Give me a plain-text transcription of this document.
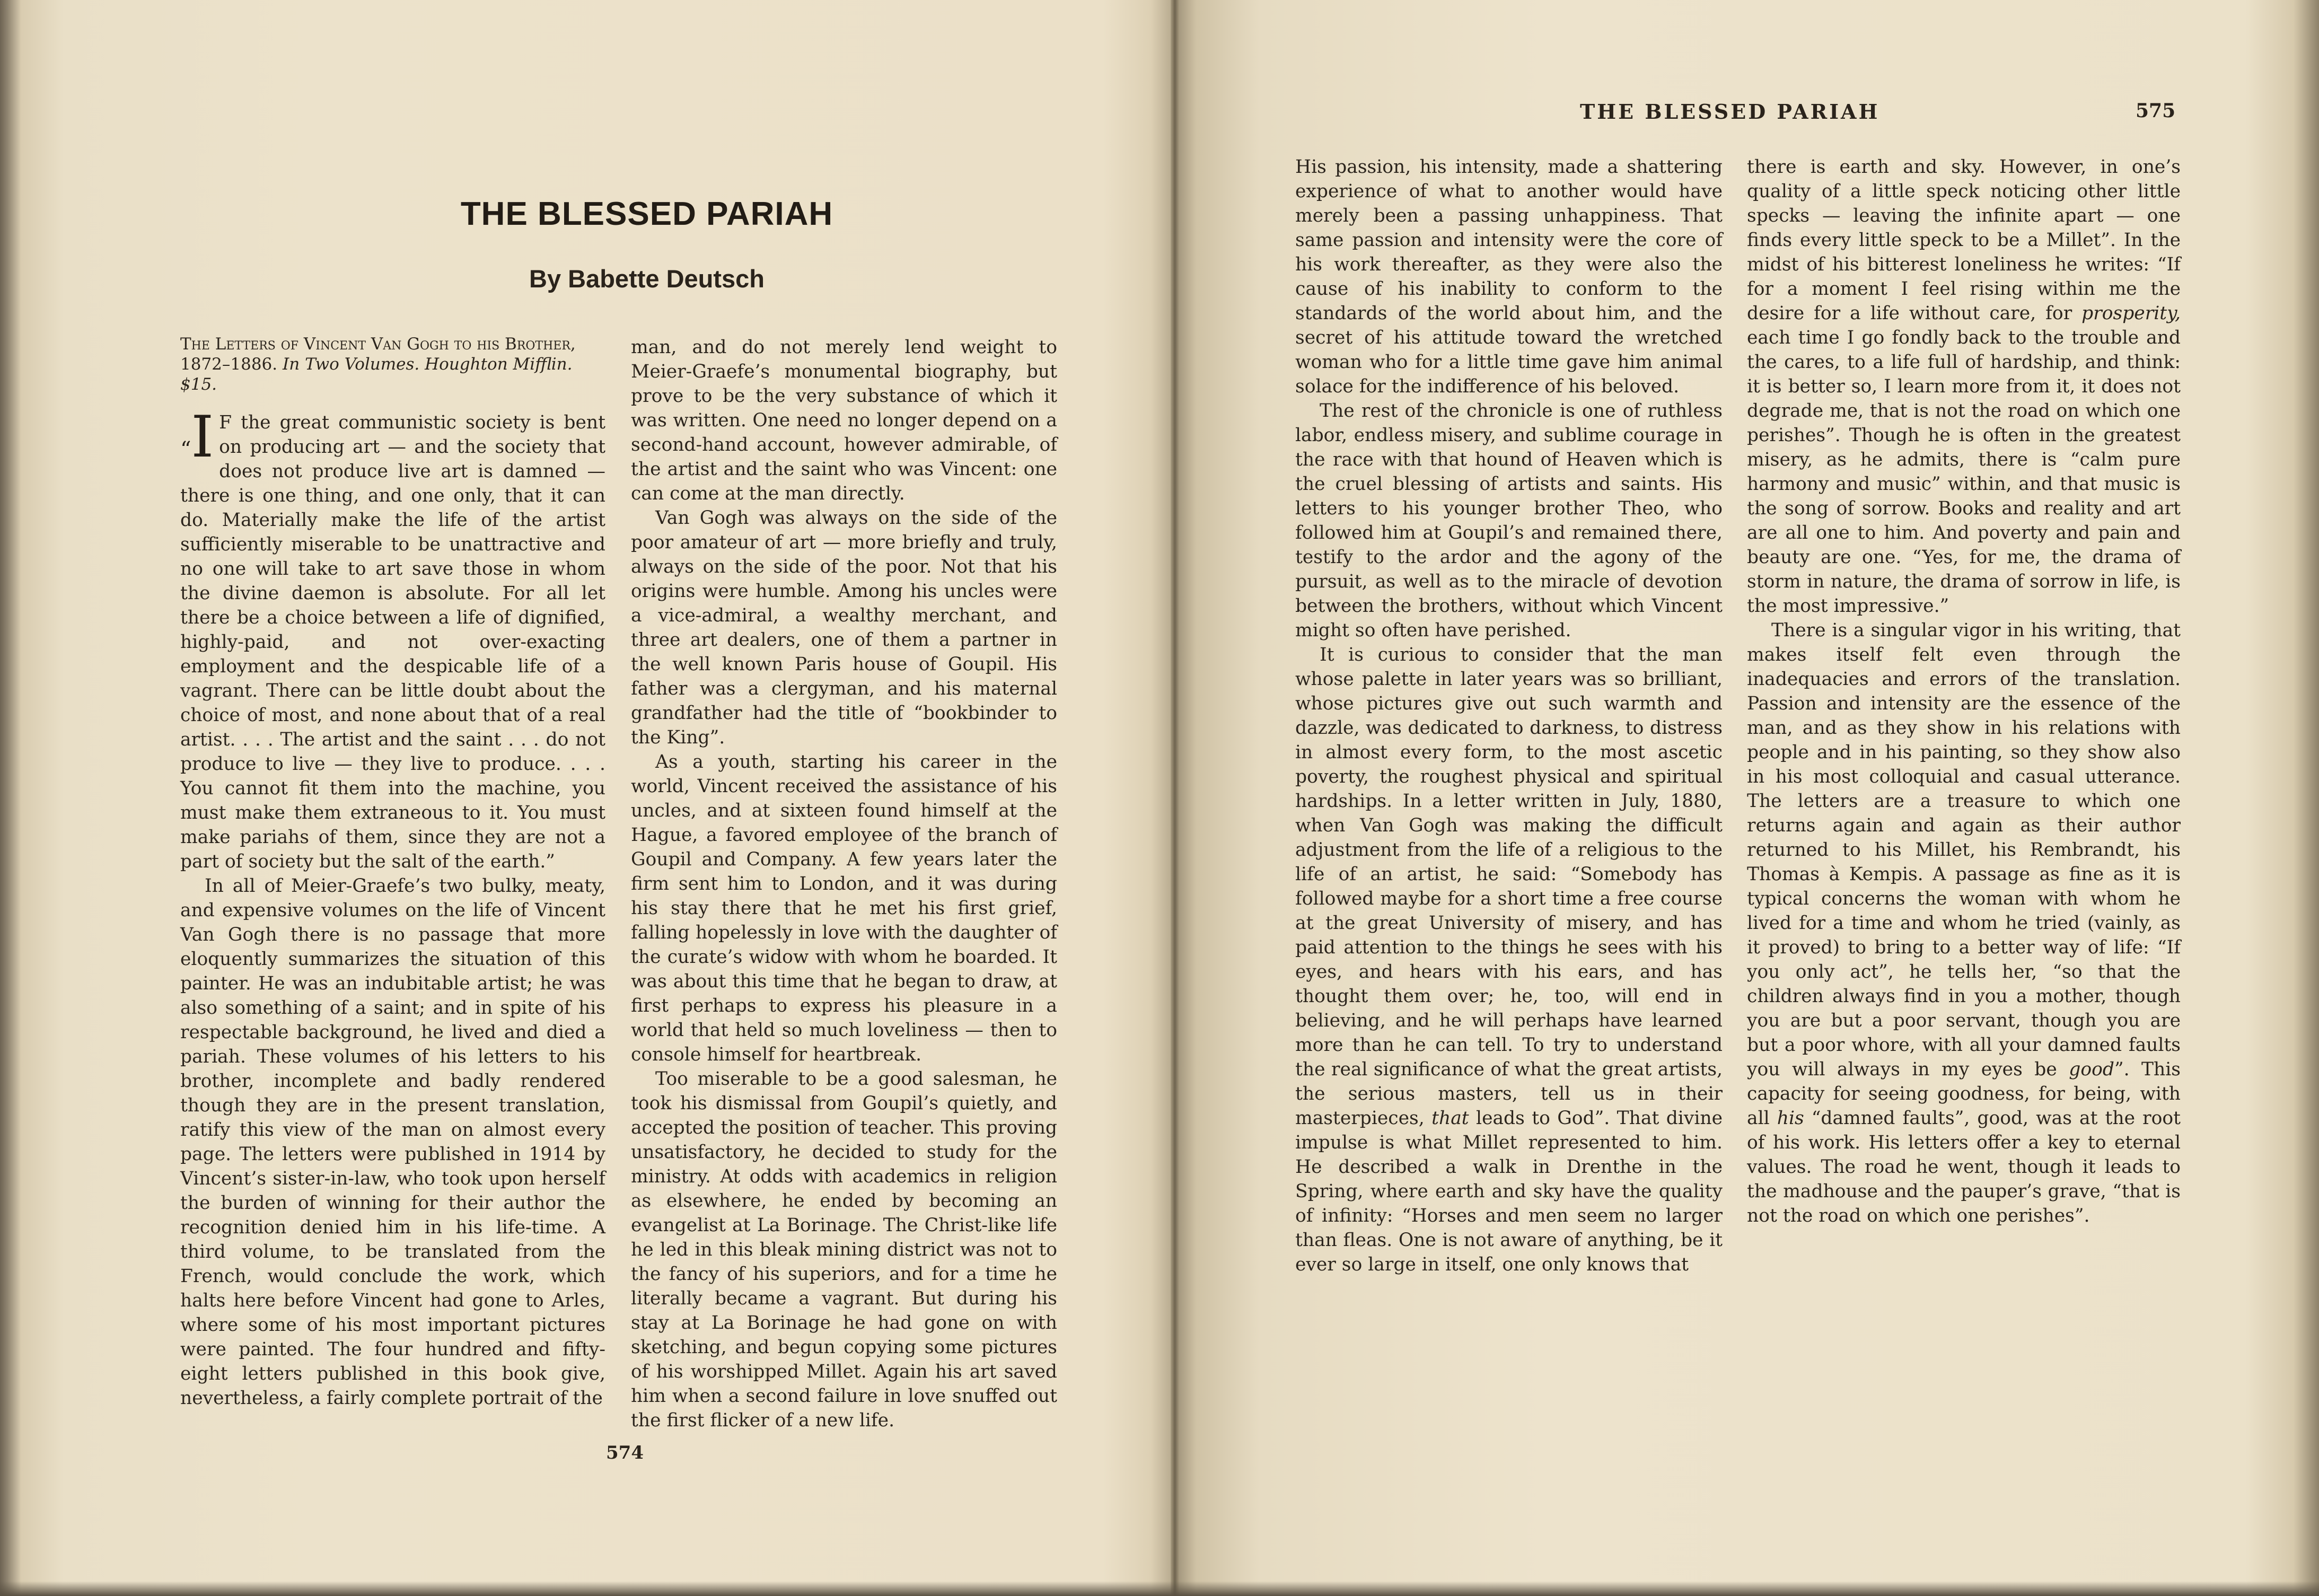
THE BLESSED PARIAH
By Babette Deutsch

The Letters of Vincent Van Gogh to his Brother, 1872–1886. In Two Volumes. Houghton Mifflin. $15.

“I F the great communistic society is bent on producing art — and the society that does not produce live art is damned — there is one thing, and one only, that it can do. Materially make the life of the artist sufficiently miserable to be unattractive and no one will take to art save those in whom the divine daemon is absolute. For all let there be a choice between a life of dignified, highly-paid, and not over-exacting employment and the despicable life of a vagrant. There can be little doubt about the choice of most, and none about that of a real artist. . . . The artist and the saint . . . do not produce to live — they live to produce. . . . You cannot fit them into the machine, you must make them extraneous to it. You must make pariahs of them, since they are not a part of society but the salt of the earth.”

In all of Meier-Graefe’s two bulky, meaty, and expensive volumes on the life of Vincent Van Gogh there is no passage that more eloquently summarizes the situation of this painter. He was an indubitable artist; he was also something of a saint; and in spite of his respectable background, he lived and died a pariah. These volumes of his letters to his brother, incomplete and badly rendered though they are in the present translation, ratify this view of the man on almost every page. The letters were published in 1914 by Vincent’s sister-in-law, who took upon herself the burden of winning for their author the recognition denied him in his life-time. A third volume, to be translated from the French, would conclude the work, which halts here before Vincent had gone to Arles, where some of his most important pictures were painted. The four hundred and fifty-eight letters published in this book give, nevertheless, a fairly complete portrait of the

man, and do not merely lend weight to Meier-Graefe’s monumental biography, but prove to be the very substance of which it was written. One need no longer depend on a second-hand account, however admirable, of the artist and the saint who was Vincent: one can come at the man directly.

Van Gogh was always on the side of the poor amateur of art — more briefly and truly, always on the side of the poor. Not that his origins were humble. Among his uncles were a vice-admiral, a wealthy merchant, and three art dealers, one of them a partner in the well known Paris house of Goupil. His father was a clergyman, and his maternal grandfather had the title of “bookbinder to the King”.

As a youth, starting his career in the world, Vincent received the assistance of his uncles, and at sixteen found himself at the Hague, a favored employee of the branch of Goupil and Company. A few years later the firm sent him to London, and it was during his stay there that he met his first grief, falling hopelessly in love with the daughter of the curate’s widow with whom he boarded. It was about this time that he began to draw, at first perhaps to express his pleasure in a world that held so much loveliness — then to console himself for heartbreak.

Too miserable to be a good salesman, he took his dismissal from Goupil’s quietly, and accepted the position of teacher. This proving unsatisfactory, he decided to study for the ministry. At odds with academics in religion as elsewhere, he ended by becoming an evangelist at La Borinage. The Christ-like life he led in this bleak mining district was not to the fancy of his superiors, and for a time he literally became a vagrant. But during his stay at La Borinage he had gone on with sketching, and begun copying some pictures of his worshipped Millet. Again his art saved him when a second failure in love snuffed out the first flicker of a new life.

574
THE BLESSED PARIAH	575

His passion, his intensity, made a shattering experience of what to another would have merely been a passing unhappiness. That same passion and intensity were the core of his work thereafter, as they were also the cause of his inability to conform to the standards of the world about him, and the secret of his attitude toward the wretched woman who for a little time gave him animal solace for the indifference of his beloved.

The rest of the chronicle is one of ruthless labor, endless misery, and sublime courage in the race with that hound of Heaven which is the cruel blessing of artists and saints. His letters to his younger brother Theo, who followed him at Goupil’s and remained there, testify to the ardor and the agony of the pursuit, as well as to the miracle of devotion between the brothers, without which Vincent might so often have perished.

It is curious to consider that the man whose palette in later years was so brilliant, whose pictures give out such warmth and dazzle, was dedicated to darkness, to distress in almost every form, to the most ascetic poverty, the roughest physical and spiritual hardships. In a letter written in July, 1880, when Van Gogh was making the difficult adjustment from the life of a religious to the life of an artist, he said: “Somebody has followed maybe for a short time a free course at the great University of misery, and has paid attention to the things he sees with his eyes, and hears with his ears, and has thought them over; he, too, will end in believing, and he will perhaps have learned more than he can tell. To try to understand the real significance of what the great artists, the serious masters, tell us in their masterpieces, that leads to God”. That divine impulse is what Millet represented to him. He described a walk in Drenthe in the Spring, where earth and sky have the quality of infinity: “Horses and men seem no larger than fleas. One is not aware of anything, be it ever so large in itself, one only knows that

there is earth and sky. However, in one’s quality of a little speck noticing other little specks — leaving the infinite apart — one finds every little speck to be a Millet”. In the midst of his bitterest loneliness he writes: “If for a moment I feel rising within me the desire for a life without care, for prosperity, each time I go fondly back to the trouble and the cares, to a life full of hardship, and think: it is better so, I learn more from it, it does not degrade me, that is not the road on which one perishes”. Though he is often in the greatest misery, as he admits, there is “calm pure harmony and music” within, and that music is the song of sorrow. Books and reality and art are all one to him. And poverty and pain and beauty are one. “Yes, for me, the drama of storm in nature, the drama of sorrow in life, is the most impressive.”

There is a singular vigor in his writing, that makes itself felt even through the inadequacies and errors of the translation. Passion and intensity are the essence of the man, and as they show in his relations with people and in his painting, so they show also in his most colloquial and casual utterance. The letters are a treasure to which one returns again and again as their author returned to his Millet, his Rembrandt, his Thomas à Kempis. A passage as fine as it is typical concerns the woman with whom he lived for a time and whom he tried (vainly, as it proved) to bring to a better way of life: “If you only act”, he tells her, “so that the children always find in you a mother, though you are but a poor servant, though you are but a poor whore, with all your damned faults you will always in my eyes be good”. This capacity for seeing goodness, for being, with all his “damned faults”, good, was at the root of his work. His letters offer a key to eternal values. The road he went, though it leads to the madhouse and the pauper’s grave, “that is not the road on which one perishes”.
